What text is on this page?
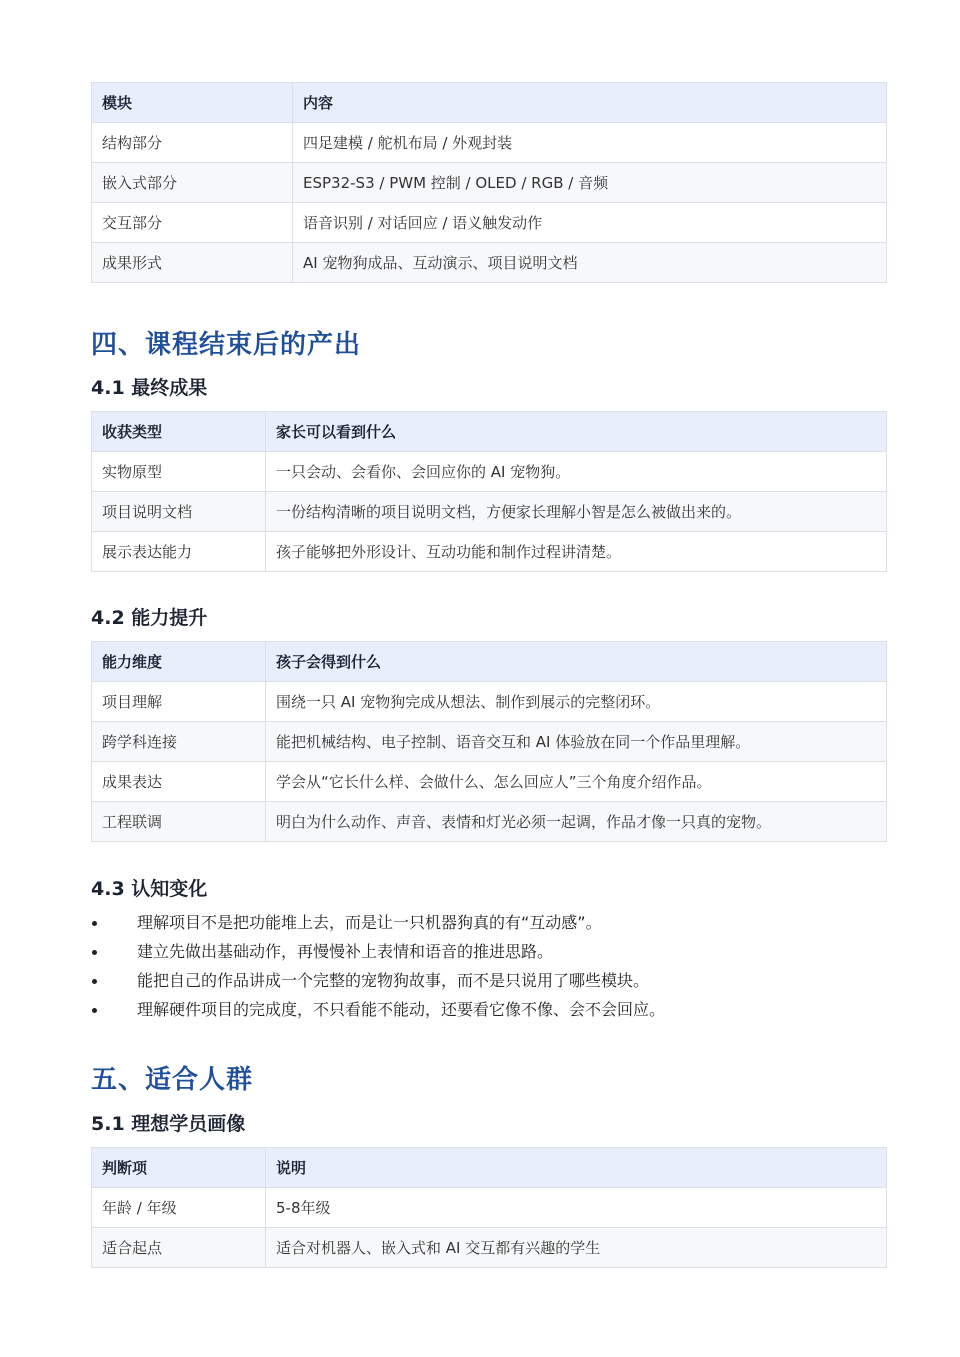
模块	内容
结构部分	四足建模 / 舵机布局 / 外观封装
嵌入式部分	ESP32-S3 / PWM 控制 / OLED / RGB / 音频
交互部分	语音识别 / 对话回应 / 语义触发动作
成果形式	AI 宠物狗成品、互动演示、项目说明文档
四、课程结束后的产出
4.1 最终成果
收获类型	家长可以看到什么
实物原型	一只会动、会看你、会回应你的 AI 宠物狗。
项目说明文档	一份结构清晰的项目说明文档，方便家长理解小智是怎么被做出来的。
展示表达能力	孩子能够把外形设计、互动功能和制作过程讲清楚。
4.2 能力提升
能力维度	孩子会得到什么
项目理解	围绕一只 AI 宠物狗完成从想法、制作到展示的完整闭环。
跨学科连接	能把机械结构、电子控制、语音交互和 AI 体验放在同一个作品里理解。
成果表达	学会从“它长什么样、会做什么、怎么回应人”三个角度介绍作品。
工程联调	明白为什么动作、声音、表情和灯光必须一起调，作品才像一只真的宠物。
4.3 认知变化
理解项目不是把功能堆上去，而是让一只机器狗真的有“互动感”。
建立先做出基础动作，再慢慢补上表情和语音的推进思路。
能把自己的作品讲成一个完整的宠物狗故事，而不是只说用了哪些模块。
理解硬件项目的完成度，不只看能不能动，还要看它像不像、会不会回应。
五、适合人群
5.1 理想学员画像
判断项	说明
年龄 / 年级	5-8年级
适合起点	适合对机器人、嵌入式和 AI 交互都有兴趣的学生
